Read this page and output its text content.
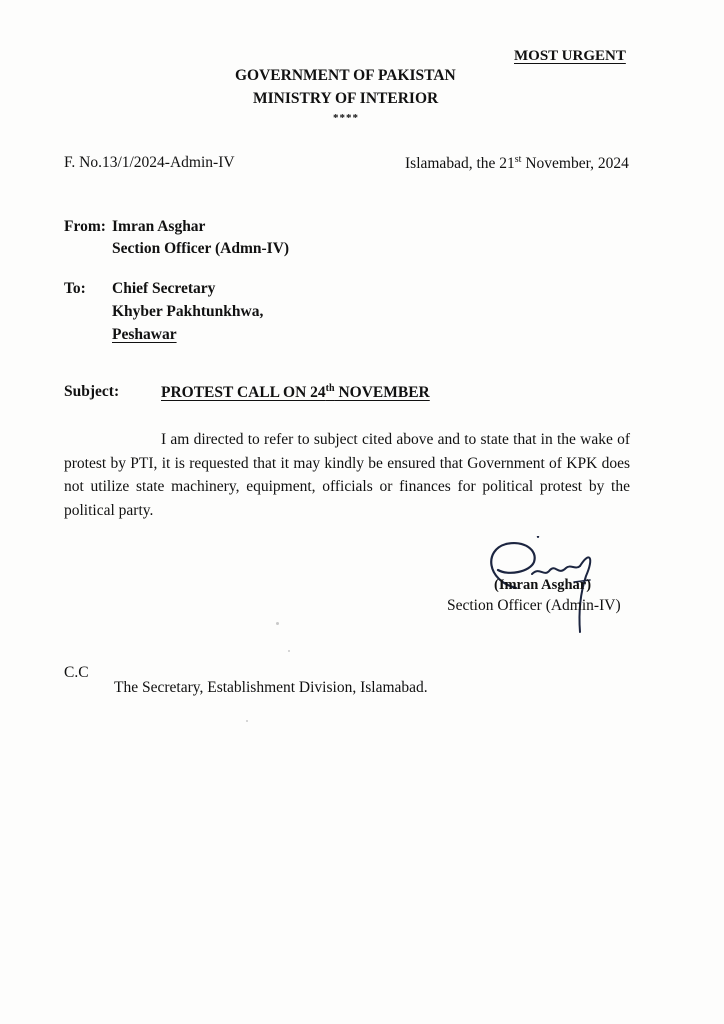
MOST URGENT
GOVERNMENT OF PAKISTAN
MINISTRY OF INTERIOR
****
F. No.13/1/2024-Admin-IV	Islamabad, the 21st November, 2024
From: Imran Asghar
Section Officer (Admn-IV)
To: Chief Secretary
Khyber Pakhtunkhwa,
Peshawar
Subject:	PROTEST CALL ON 24th NOVEMBER

I am directed to refer to subject cited above and to state that in the wake of protest by PTI, it is requested that it may kindly be ensured that Government of KPK does not utilize state machinery, equipment, officials or finances for political protest by the political party.

(Imran Asghar)
Section Officer (Admin-IV)
C.C
The Secretary, Establishment Division, Islamabad.
